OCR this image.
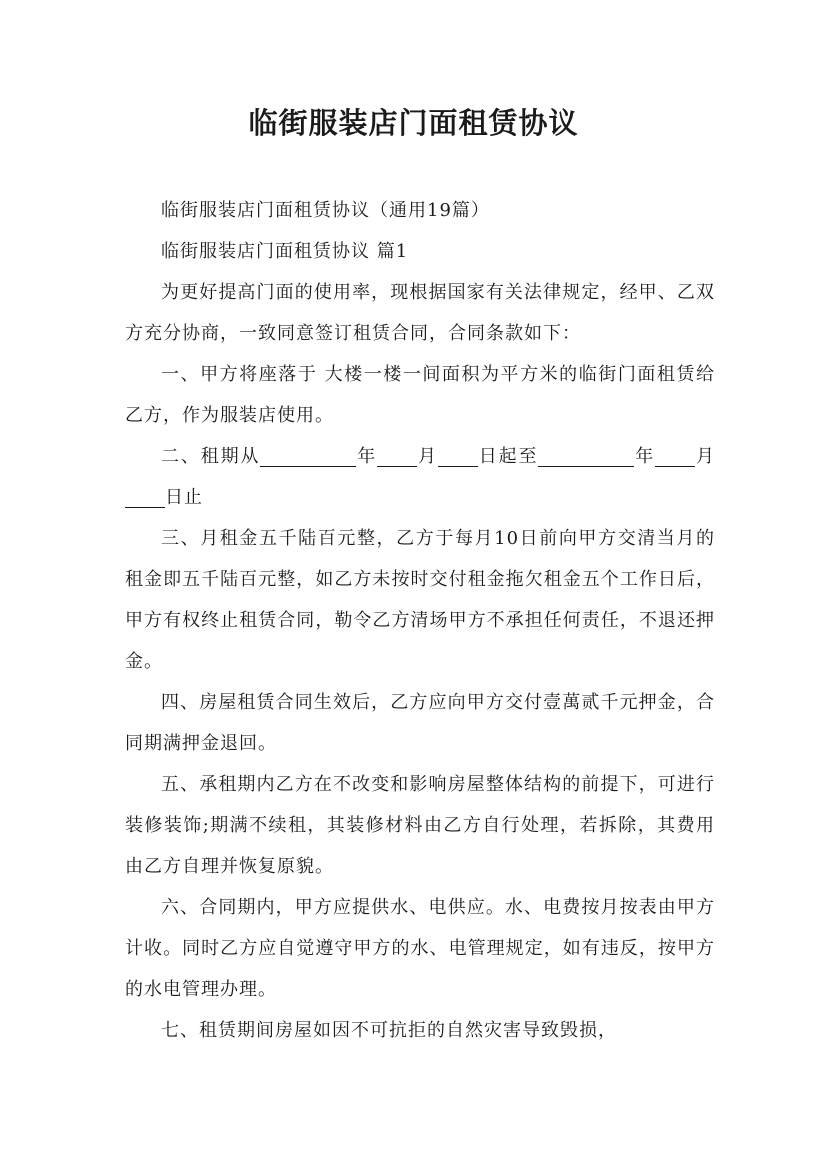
临街服装店门面租赁协议

临街服装店门面租赁协议（通用19篇）

临街服装店门面租赁协议 篇1

为更好提高门面的使用率，现根据国家有关法律规定，经甲、乙双方充分协商，一致同意签订租赁合同，合同条款如下：

一、甲方将座落于 大楼一楼一间面积为平方米的临街门面租赁给乙方，作为服装店使用。

二、租期从	年 月 日起至	年 月日止

三、月租金五千陆百元整，乙方于每月10日前向甲方交清当月的租金即五千陆百元整，如乙方未按时交付租金拖欠租金五个工作日后，甲方有权终止租赁合同，勒令乙方清场甲方不承担任何责任，不退还押金。

四、房屋租赁合同生效后，乙方应向甲方交付壹萬贰千元押金，合同期满押金退回。

五、承租期内乙方在不改变和影响房屋整体结构的前提下，可进行装修装饰;期满不续租，其装修材料由乙方自行处理，若拆除，其费用由乙方自理并恢复原貌。

六、合同期内，甲方应提供水、电供应。水、电费按月按表由甲方计收。同时乙方应自觉遵守甲方的水、电管理规定，如有违反，按甲方的水电管理办理。

七、租赁期间房屋如因不可抗拒的自然灾害导致毁损，
